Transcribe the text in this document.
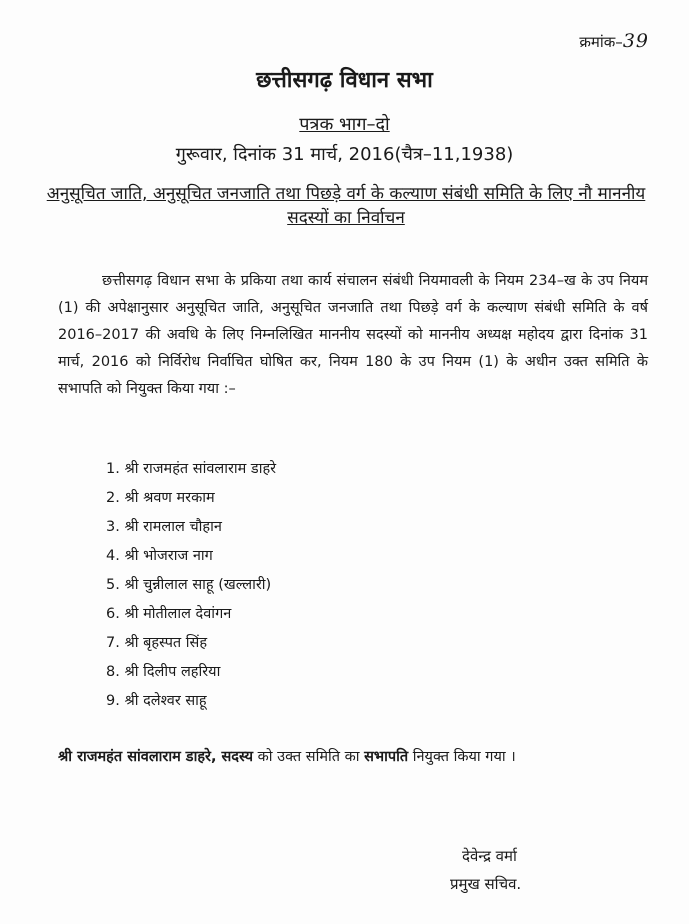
क्रमांक–39
छत्तीसगढ़ विधान सभा
पत्रक भाग–दो
गुरूवार, दिनांक 31 मार्च, 2016(चैत्र–11,1938)
अनुसूचित जाति, अनुसूचित जनजाति तथा पिछड़े वर्ग के कल्याण संबंधी समिति के लिए नौ माननीय सदस्यों का निर्वाचन
छत्तीसगढ़ विधान सभा के प्रकिया तथा कार्य संचालन संबंधी नियमावली के नियम 234–ख के उप नियम (1) की अपेक्षानुसार अनुसूचित जाति, अनुसूचित जनजाति तथा पिछड़े वर्ग के कल्याण संबंधी समिति के वर्ष 2016–2017 की अवधि के लिए निम्नलिखित माननीय सदस्यों को माननीय अध्यक्ष महोदय द्वारा दिनांक 31 मार्च, 2016 को निर्विरोध निर्वाचित घोषित कर, नियम 180 के उप नियम (1) के अधीन उक्त समिति के सभापति को नियुक्त किया गया :–
1. श्री राजमहंत सांवलाराम डाहरे
2. श्री श्रवण मरकाम
3. श्री रामलाल चौहान
4. श्री भोजराज नाग
5. श्री चुन्नीलाल साहू (खल्लारी)
6. श्री मोतीलाल देवांगन
7. श्री बृहस्पत सिंह
8. श्री दिलीप लहरिया
9. श्री दलेश्वर साहू
श्री राजमहंत सांवलाराम डाहरे, सदस्य को उक्त समिति का सभापति नियुक्त किया गया ।
देवेन्द्र वर्मा
प्रमुख सचिव.
